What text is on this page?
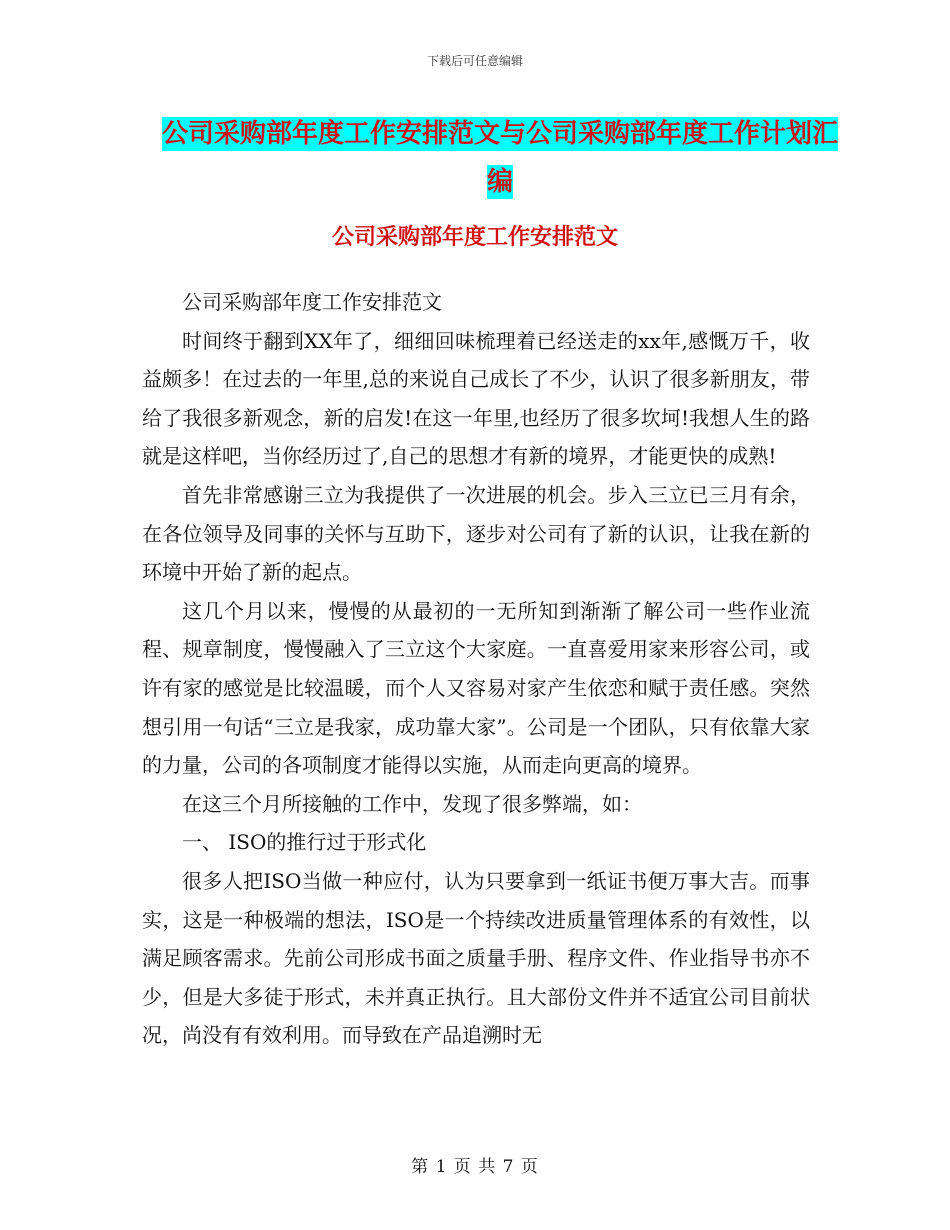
下载后可任意编辑
公司采购部年度工作安排范文与公司采购部年度工作计划汇编
公司采购部年度工作安排范文

公司采购部年度工作安排范文

时间终于翻到XX年了，细细回味梳理着已经送走的xx年,感慨万千，收益颇多！在过去的一年里,总的来说自己成长了不少，认识了很多新朋友，带给了我很多新观念，新的启发!在这一年里,也经历了很多坎坷!我想人生的路就是这样吧，当你经历过了,自己的思想才有新的境界，才能更快的成熟!

首先非常感谢三立为我提供了一次进展的机会。步入三立已三月有余，在各位领导及同事的关怀与互助下，逐步对公司有了新的认识，让我在新的环境中开始了新的起点。

这几个月以来，慢慢的从最初的一无所知到渐渐了解公司一些作业流程、规章制度，慢慢融入了三立这个大家庭。一直喜爱用家来形容公司，或许有家的感觉是比较温暖，而个人又容易对家产生依恋和赋于责任感。突然想引用一句话“三立是我家，成功靠大家”。公司是一个团队，只有依靠大家的力量，公司的各项制度才能得以实施，从而走向更高的境界。

在这三个月所接触的工作中，发现了很多弊端，如：

一、 ISO的推行过于形式化

很多人把ISO当做一种应付，认为只要拿到一纸证书便万事大吉。而事实，这是一种极端的想法，ISO是一个持续改进质量管理体系的有效性，以满足顾客需求。先前公司形成书面之质量手册、程序文件、作业指导书亦不少，但是大多徒于形式，未并真正执行。且大部份文件并不适宜公司目前状况，尚没有有效利用。而导致在产品追溯时无

第 1 页 共 7 页
